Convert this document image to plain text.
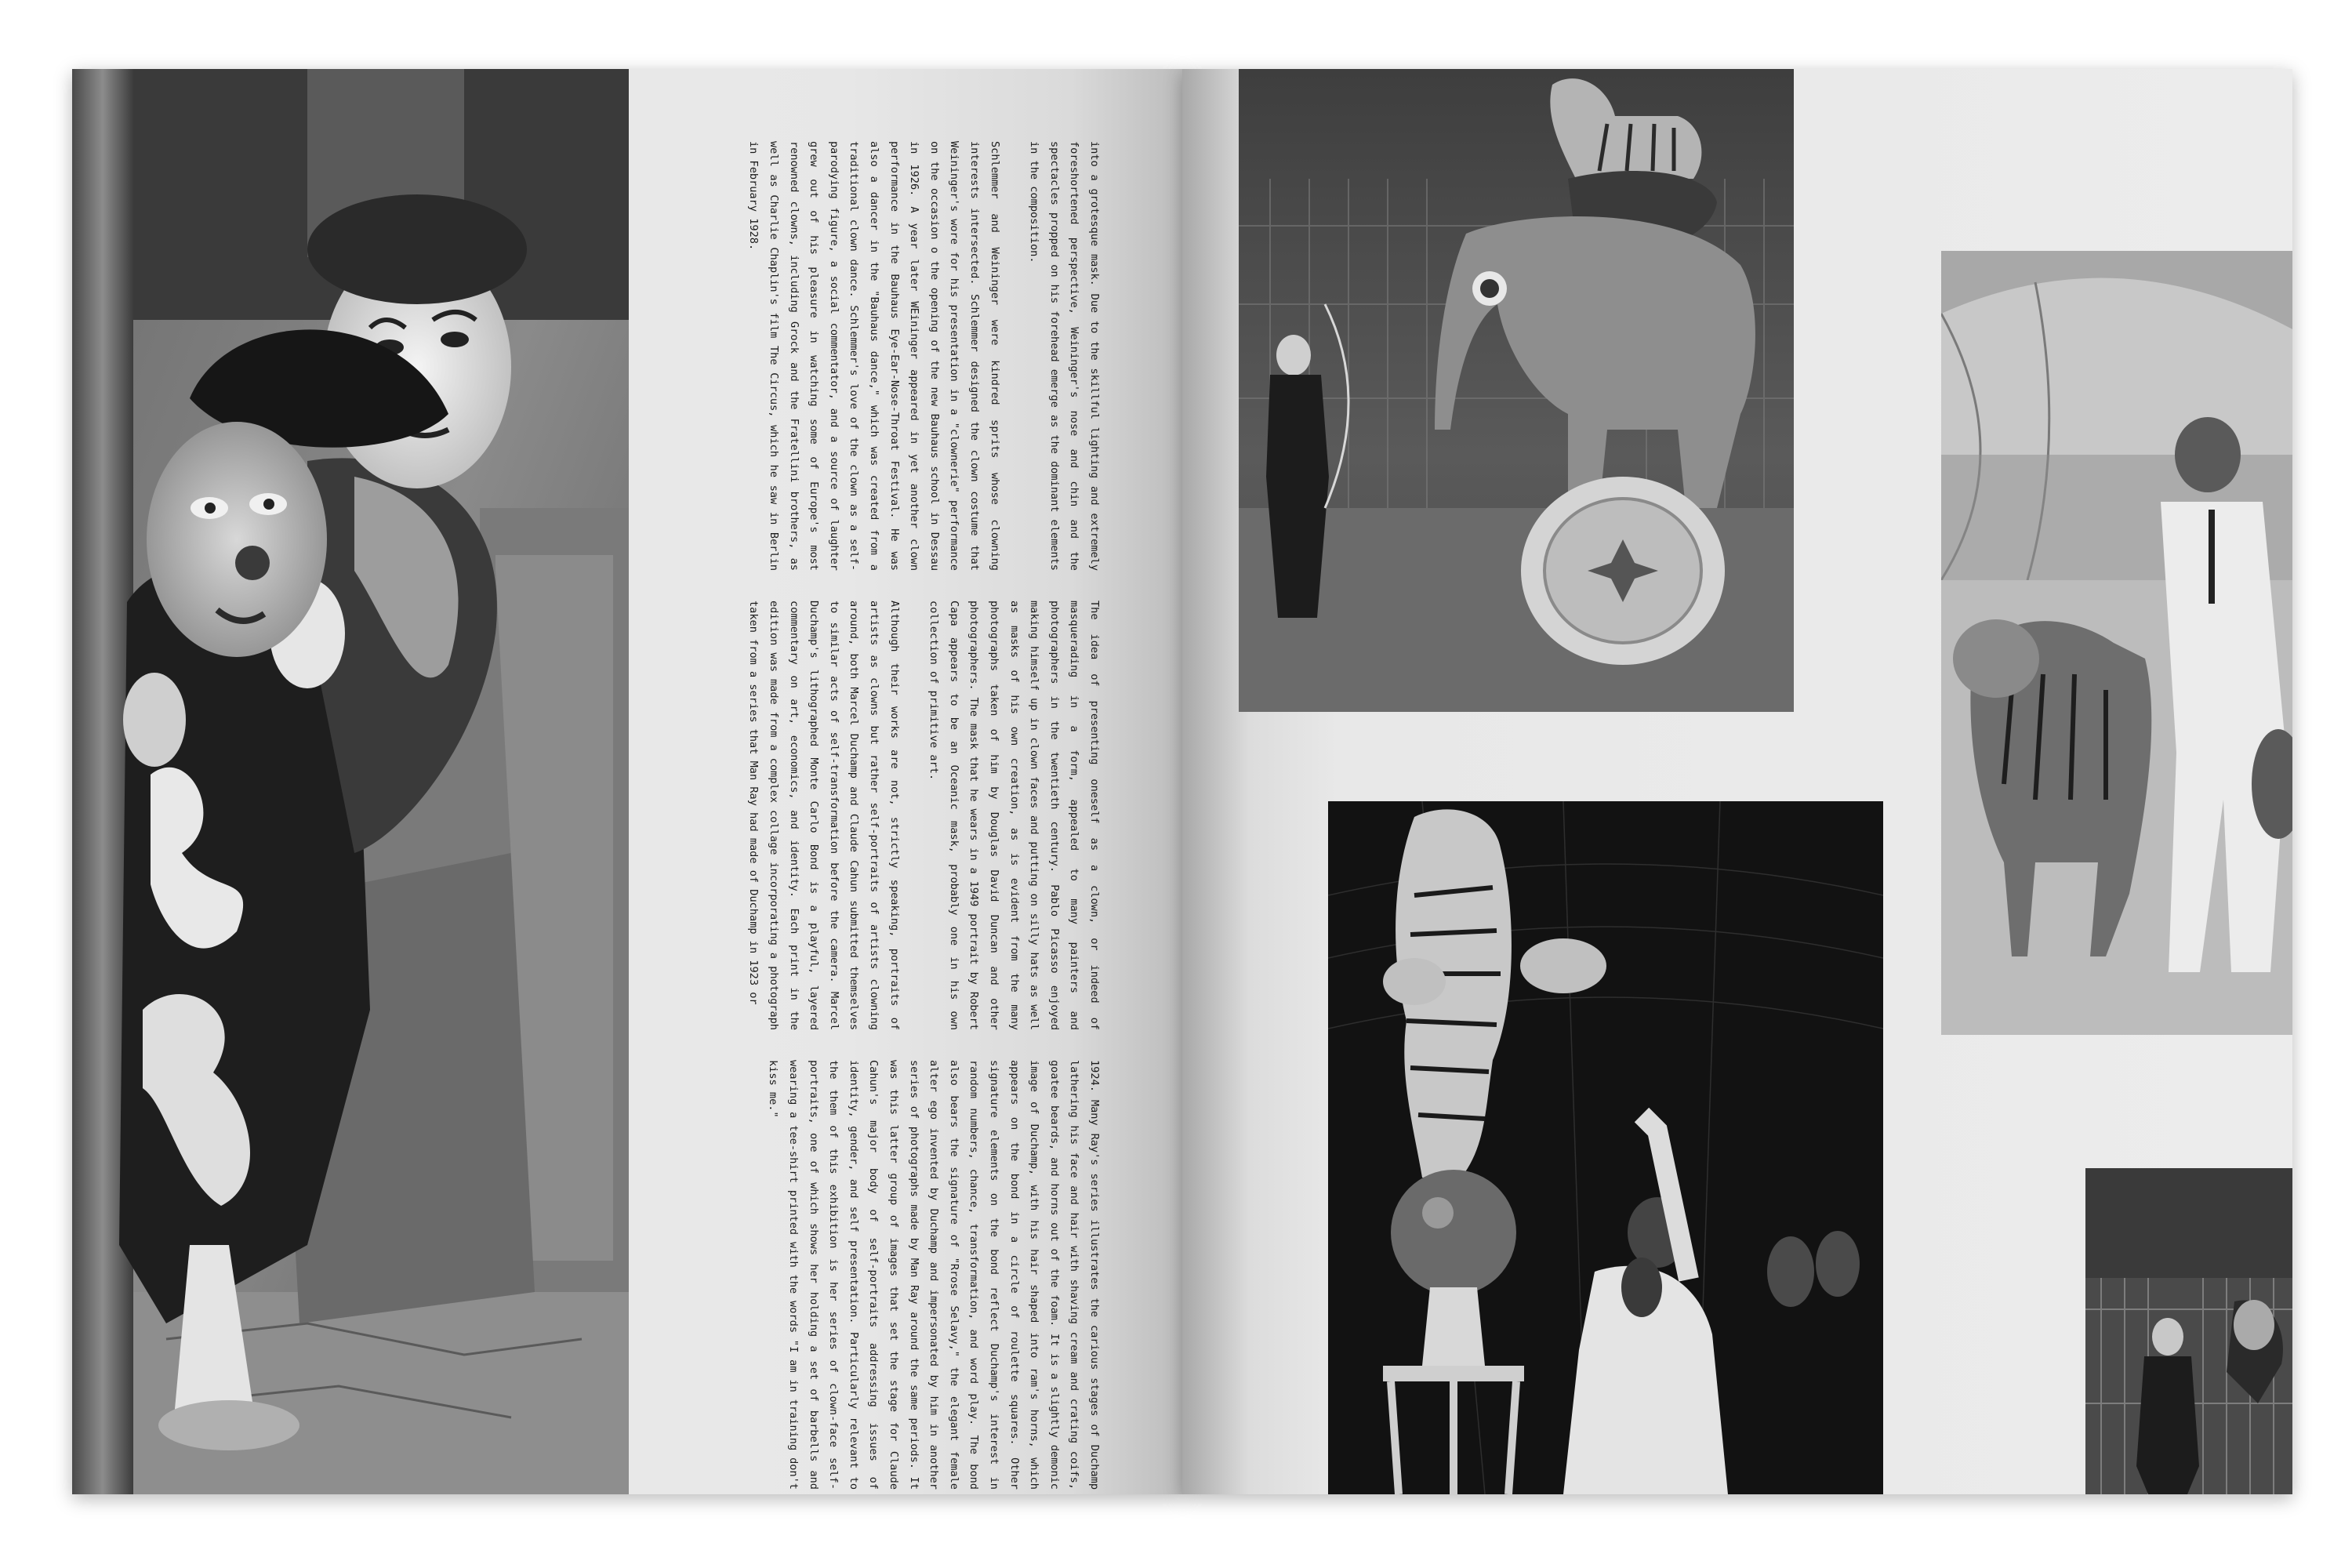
into a grotesque mask. Due to the skillful lighting and extremely foreshortened perspective, Weininger's nose and chin and the spectacles propped on his forehead emerge as the dominant elements in the composition.

Schlemmer and Weininger were kindred sprits whose clowning interests intersected. Schlemmer designed the clown costume that Weininger's wore for his presentation in a "clownerie" performance on the occasion o the opening of the new Bauhaus school in Dessau in 1926. A year later WEininger appeared in yet another clown performance in the Bauhaus Eye-Ear-Nose-Throat Festival. He was also a dancer in the "Bauhaus dance," which was created from a traditional clown dance. Schlemmer's love of the clown as a self-parodying figure, a social commentator, and a source of laughter grew out of his pleasure in watching some of Europe's most renowned clowns, including Grock and the Fratellini brothers, as well as Charlie Chaplin's film The Circus, which he saw in Berlin in February 1928.

The idea of presenting oneself as a clown, or indeed of masquerading in a form, appealed to many painters and photographers in the twentieth century. Pablo Picasso enjoyed making himself up in clown faces and putting on silly hats as well as masks of his own creation, as is evident from the many photographs taken of him by Douglas David Duncan and other photographers. The mask that he wears in a 1949 portrait by Robert Capa appears to be an Oceanic mask, probably one in his own collection of primitive art.

Although their works are not, strictly speaking, portraits of artists as clowns but rather self-portraits of artists clowning around, both Marcel Duchamp and Claude Cahun submitted themselves to similar acts of self-transformation before the camera. Marcel Duchamp's lithographed Monte Carlo Bond is a playful, layered commentary on art, economics, and identity. Each print in the edition was made from a complex collage incorporating a photograph taken from a series that Man Ray had made of Duchamp in 1923 or

1924. Many Ray's series illustrates the carious stages of Duchamp lathering his face and hair with shaving cream and crating coifs, goatee beards, and horns out of the foam. It is a slightly demonic image of Duchamp, with his hair shaped into ram's horns, which appears on the bond in a circle of roulette squares. Other signature elements on the bond reflect Duchamp's interest in random numbers, chance, transformation, and word play. The bond also bears the signature of "Rrose Selavy," the elegant female alter ego invented by Duchamp and impersonated by him in another series of photographs made by Man Ray around the same periods. It was this latter group of images that set the stage for Claude Cahun's major body of self-portraits addressing issues of identity, gender, and self presentation. Particularly relevant to the them of this exhibition is her series of clown-face self-portraits, one of which shows her holding a set of barbells and wearing a tee-shirt printed with the words "I am in training don't kiss me."
